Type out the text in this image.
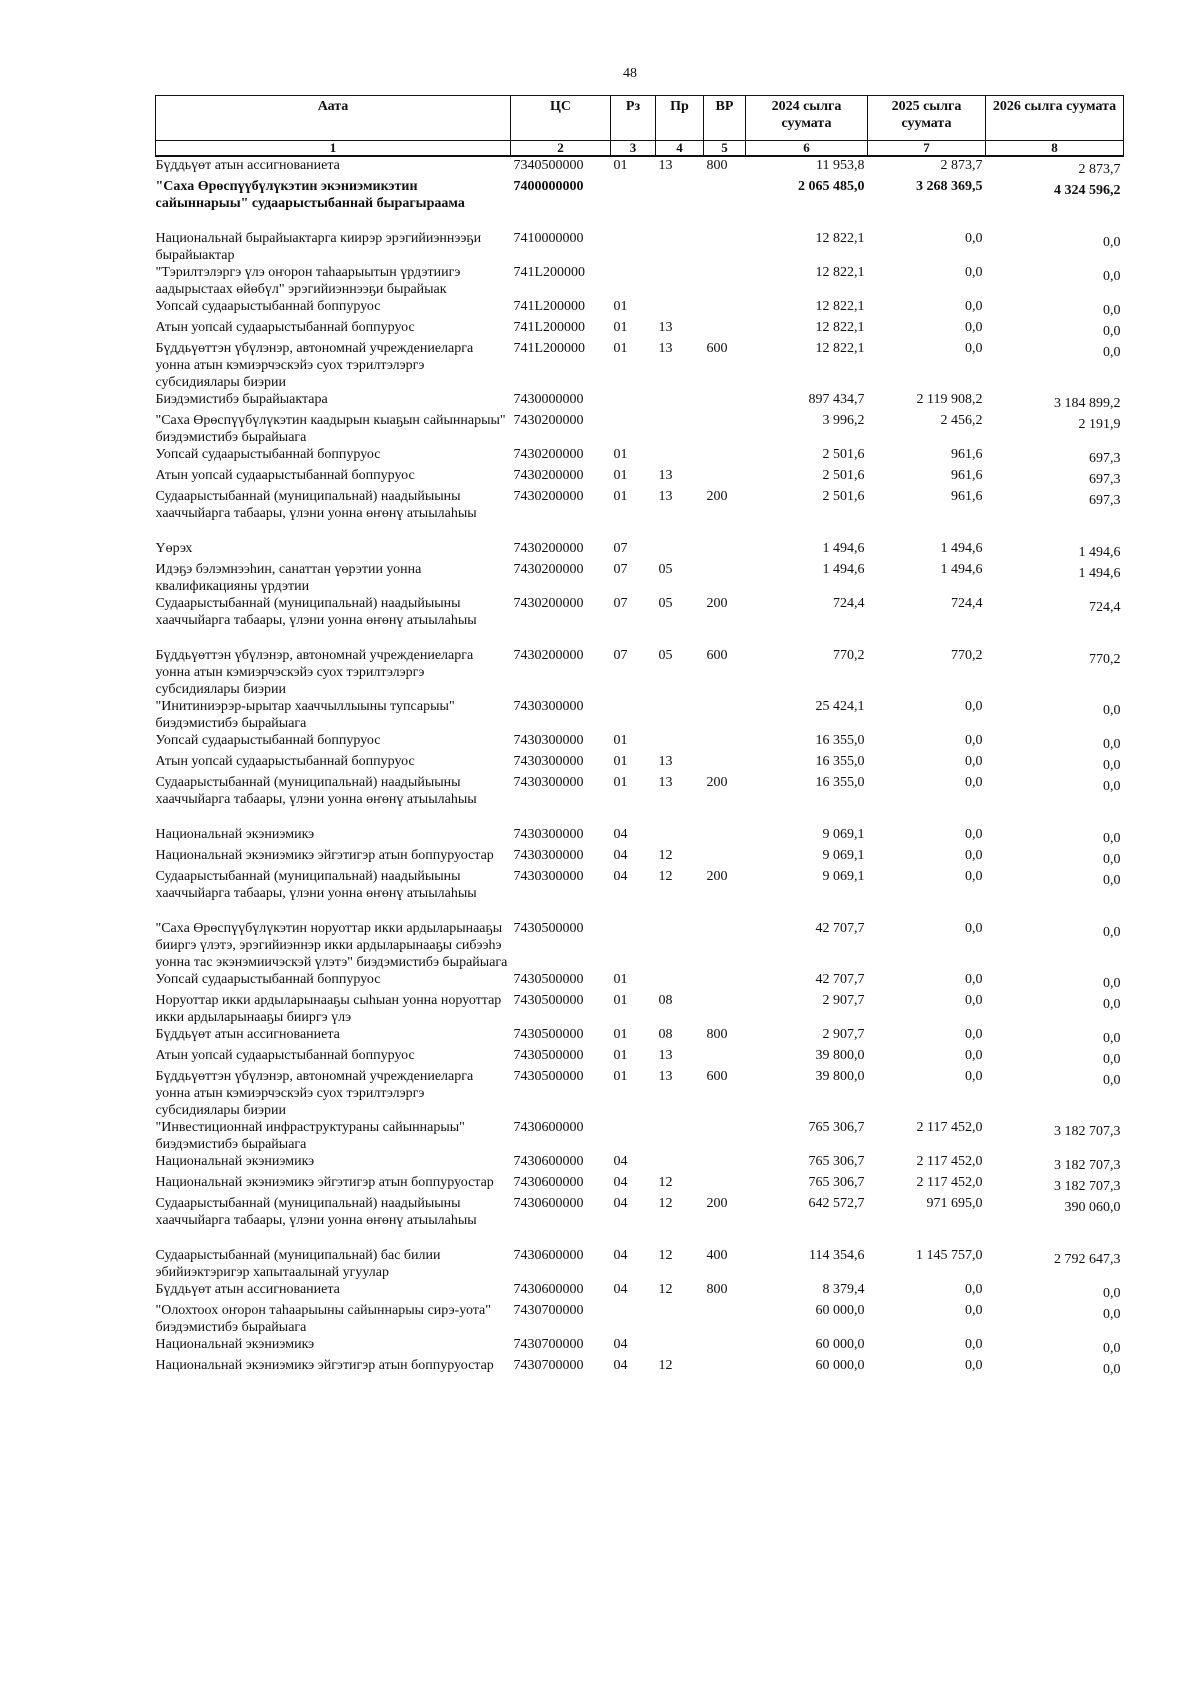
48
Аата	ЦС	Рз	Пр	ВР	2024 сылга суумата	2025 сылга суумата	2026 сылга суумата
1	2	3	4	5	6	7	8
Бүддьүөт атын ассигнованиета	7340500000	01	13	800	11 953,8	2 873,7	2 873,7
"Саха Өрөспүүбүлүкэтин экэниэмикэтин сайыннарыы" судаарыстыбаннай бырагыраама	7400000000				2 065 485,0	3 268 369,5	4 324 596,2
Национальнай бырайыактарга киирэр эрэгийиэннээҕи бырайыактар	7410000000				12 822,1	0,0	0,0
"Тэрилтэлэргэ үлэ оҥорон таһаарыытын үрдэтиигэ аадырыстаах өйөбүл" эрэгийиэннээҕи бырайыак	741L200000				12 822,1	0,0	0,0
Уопсай судаарыстыбаннай боппуруос	741L200000	01			12 822,1	0,0	0,0
Атын уопсай судаарыстыбаннай боппуруос	741L200000	01	13		12 822,1	0,0	0,0
Бүддьүөттэн үбүлэнэр, автономнай учреждениеларга уонна атын кэмиэрчэскэйэ суох тэрилтэлэргэ субсидиялары биэрии	741L200000	01	13	600	12 822,1	0,0	0,0
Биэдэмистибэ бырайыактара	7430000000				897 434,7	2 119 908,2	3 184 899,2
"Саха Өрөспүүбүлүкэтин каадырын кыаҕын сайыннарыы" биэдэмистибэ бырайыага	7430200000				3 996,2	2 456,2	2 191,9
Уопсай судаарыстыбаннай боппуруос	7430200000	01			2 501,6	961,6	697,3
Атын уопсай судаарыстыбаннай боппуруос	7430200000	01	13		2 501,6	961,6	697,3
Судаарыстыбаннай (муниципальнай) наадыйыыны хааччыйарга табаары, үлэни уонна өҥөнү атыылаһыы	7430200000	01	13	200	2 501,6	961,6	697,3
Үөрэх	7430200000	07			1 494,6	1 494,6	1 494,6
Идэҕэ бэлэмнээһин, санаттан үөрэтии уонна квалификацияны үрдэтии	7430200000	07	05		1 494,6	1 494,6	1 494,6
Судаарыстыбаннай (муниципальнай) наадыйыыны хааччыйарга табаары, үлэни уонна өҥөнү атыылаһыы	7430200000	07	05	200	724,4	724,4	724,4
Бүддьүөттэн үбүлэнэр, автономнай учреждениеларга уонна атын кэмиэрчэскэйэ суох тэрилтэлэргэ субсидиялары биэрии	7430200000	07	05	600	770,2	770,2	770,2
"Инитиниэрэр-ырытар хааччыллыыны тупсарыы" биэдэмистибэ бырайыага	7430300000				25 424,1	0,0	0,0
Уопсай судаарыстыбаннай боппуруос	7430300000	01			16 355,0	0,0	0,0
Атын уопсай судаарыстыбаннай боппуруос	7430300000	01	13		16 355,0	0,0	0,0
Судаарыстыбаннай (муниципальнай) наадыйыыны хааччыйарга табаары, үлэни уонна өҥөнү атыылаһыы	7430300000	01	13	200	16 355,0	0,0	0,0
Национальнай экэниэмикэ	7430300000	04			9 069,1	0,0	0,0
Национальнай экэниэмикэ эйгэтигэр атын боппуруостар	7430300000	04	12		9 069,1	0,0	0,0
Судаарыстыбаннай (муниципальнай) наадыйыыны хааччыйарга табаары, үлэни уонна өҥөнү атыылаһыы	7430300000	04	12	200	9 069,1	0,0	0,0
"Саха Өрөспүүбүлүкэтин норуоттар икки ардыларынааҕы бииргэ үлэтэ, эрэгийиэннэр икки ардыларынааҕы сибээһэ уонна тас экэнэмиичэскэй үлэтэ" биэдэмистибэ бырайыага	7430500000				42 707,7	0,0	0,0
Уопсай судаарыстыбаннай боппуруос	7430500000	01			42 707,7	0,0	0,0
Норуоттар икки ардыларынааҕы сыһыан уонна норуоттар икки ардыларынааҕы бииргэ үлэ	7430500000	01	08		2 907,7	0,0	0,0
Бүддьүөт атын ассигнованиета	7430500000	01	08	800	2 907,7	0,0	0,0
Атын уопсай судаарыстыбаннай боппуруос	7430500000	01	13		39 800,0	0,0	0,0
Бүддьүөттэн үбүлэнэр, автономнай учреждениеларга уонна атын кэмиэрчэскэйэ суох тэрилтэлэргэ субсидиялары биэрии	7430500000	01	13	600	39 800,0	0,0	0,0
"Инвестиционнай инфраструктураны сайыннарыы" биэдэмистибэ бырайыага	7430600000				765 306,7	2 117 452,0	3 182 707,3
Национальнай экэниэмикэ	7430600000	04			765 306,7	2 117 452,0	3 182 707,3
Национальнай экэниэмикэ эйгэтигэр атын боппуруостар	7430600000	04	12		765 306,7	2 117 452,0	3 182 707,3
Судаарыстыбаннай (муниципальнай) наадыйыыны хааччыйарга табаары, үлэни уонна өҥөнү атыылаһыы	7430600000	04	12	200	642 572,7	971 695,0	390 060,0
Судаарыстыбаннай (муниципальнай) бас билии эбийиэктэригэр хапытаалынай угуулар	7430600000	04	12	400	114 354,6	1 145 757,0	2 792 647,3
Бүддьүөт атын ассигнованиета	7430600000	04	12	800	8 379,4	0,0	0,0
"Олохтоох оҥорон таһаарыыны сайыннарыы сирэ-уота" биэдэмистибэ бырайыага	7430700000				60 000,0	0,0	0,0
Национальнай экэниэмикэ	7430700000	04			60 000,0	0,0	0,0
Национальнай экэниэмикэ эйгэтигэр атын боппуруостар	7430700000	04	12		60 000,0	0,0	0,0
